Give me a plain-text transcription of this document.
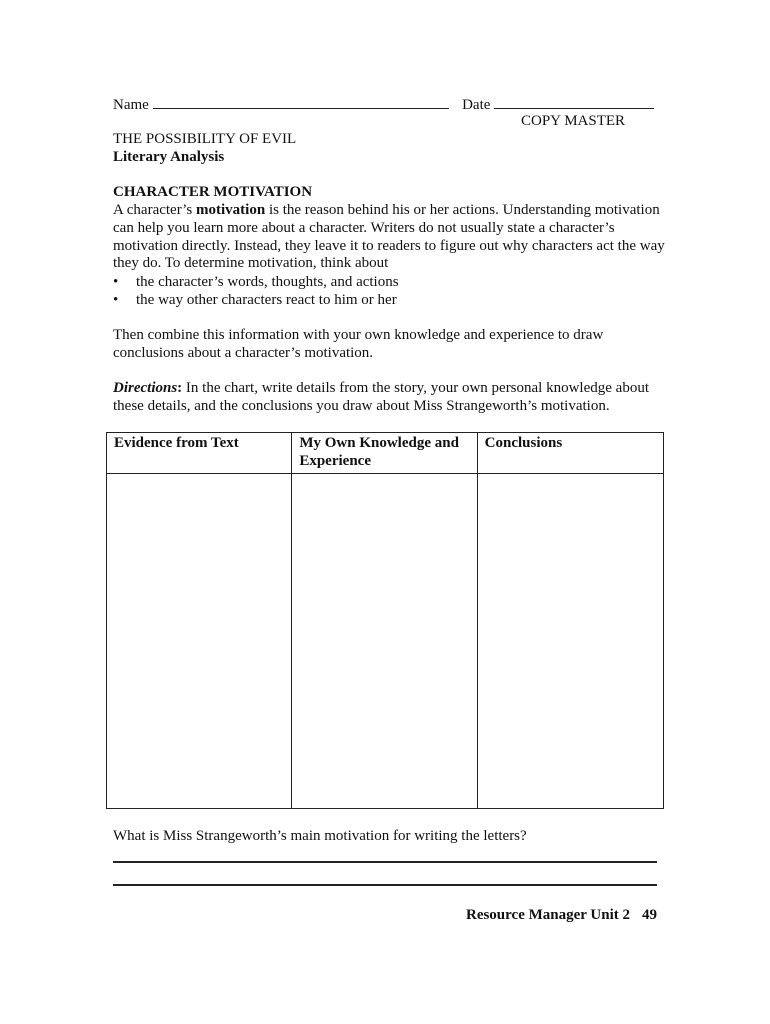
Name	Date
COPY MASTER
THE POSSIBILITY OF EVIL
Literary Analysis
CHARACTER MOTIVATION
A character’s motivation is the reason behind his or her actions. Understanding motivation can help you learn more about a character. Writers do not usually state a character’s motivation directly. Instead, they leave it to readers to figure out why characters act the way they do. To determine motivation, think about
• the character’s words, thoughts, and actions
• the way other characters react to him or her
Then combine this information with your own knowledge and experience to draw conclusions about a character’s motivation.
Directions: In the chart, write details from the story, your own personal knowledge about these details, and the conclusions you draw about Miss Strangeworth’s motivation.
Evidence from Text	My Own Knowledge and Experience	Conclusions

What is Miss Strangeworth’s main motivation for writing the letters?
Resource Manager Unit 2 49
